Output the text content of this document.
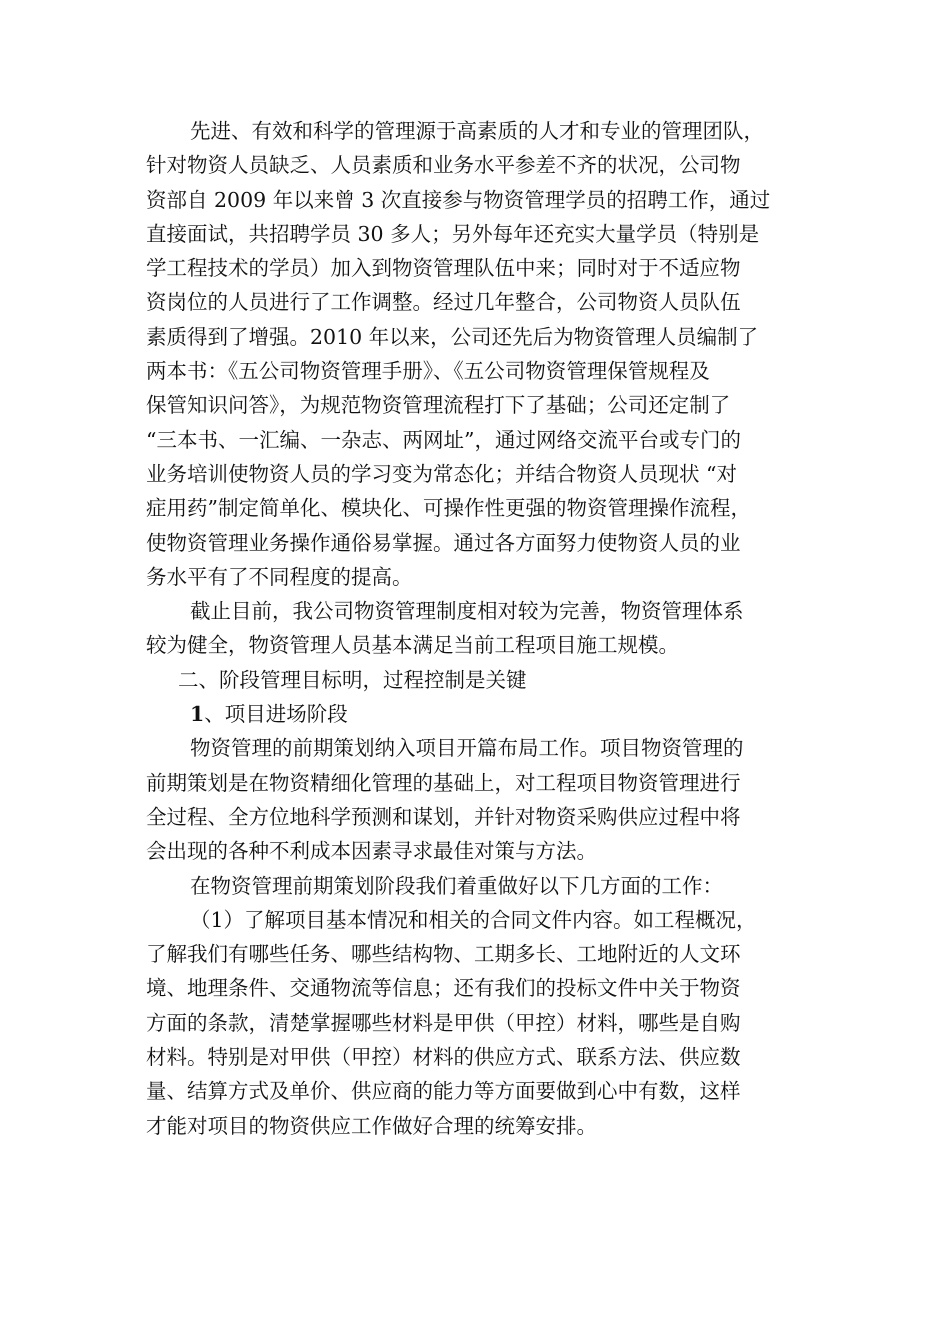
先进、有效和科学的管理源于高素质的人才和专业的管理团队，
针对物资人员缺乏、人员素质和业务水平参差不齐的状况，公司物
资部自 2009 年以来曾 3 次直接参与物资管理学员的招聘工作，通过
直接面试，共招聘学员 30 多人；另外每年还充实大量学员（特别是
学工程技术的学员）加入到物资管理队伍中来；同时对于不适应物
资岗位的人员进行了工作调整。经过几年整合，公司物资人员队伍
素质得到了增强。2010 年以来，公司还先后为物资管理人员编制了
两本书：《五公司物资管理手册》、《五公司物资管理保管规程及
保管知识问答》，为规范物资管理流程打下了基础；公司还定制了
“三本书、一汇编、一杂志、两网址”，通过网络交流平台或专门的
业务培训使物资人员的学习变为常态化；并结合物资人员现状 “对
症用药”制定简单化、模块化、可操作性更强的物资管理操作流程，
使物资管理业务操作通俗易掌握。通过各方面努力使物资人员的业
务水平有了不同程度的提高。
截止目前，我公司物资管理制度相对较为完善，物资管理体系
较为健全，物资管理人员基本满足当前工程项目施工规模。
二、阶段管理目标明，过程控制是关键
1、项目进场阶段
物资管理的前期策划纳入项目开篇布局工作。项目物资管理的
前期策划是在物资精细化管理的基础上，对工程项目物资管理进行
全过程、全方位地科学预测和谋划，并针对物资采购供应过程中将
会出现的各种不利成本因素寻求最佳对策与方法。
在物资管理前期策划阶段我们着重做好以下几方面的工作：
（1）了解项目基本情况和相关的合同文件内容。如工程概况，
了解我们有哪些任务、哪些结构物、工期多长、工地附近的人文环
境、地理条件、交通物流等信息；还有我们的投标文件中关于物资
方面的条款，清楚掌握哪些材料是甲供（甲控）材料，哪些是自购
材料。特别是对甲供（甲控）材料的供应方式、联系方法、供应数
量、结算方式及单价、供应商的能力等方面要做到心中有数，这样
才能对项目的物资供应工作做好合理的统筹安排。
